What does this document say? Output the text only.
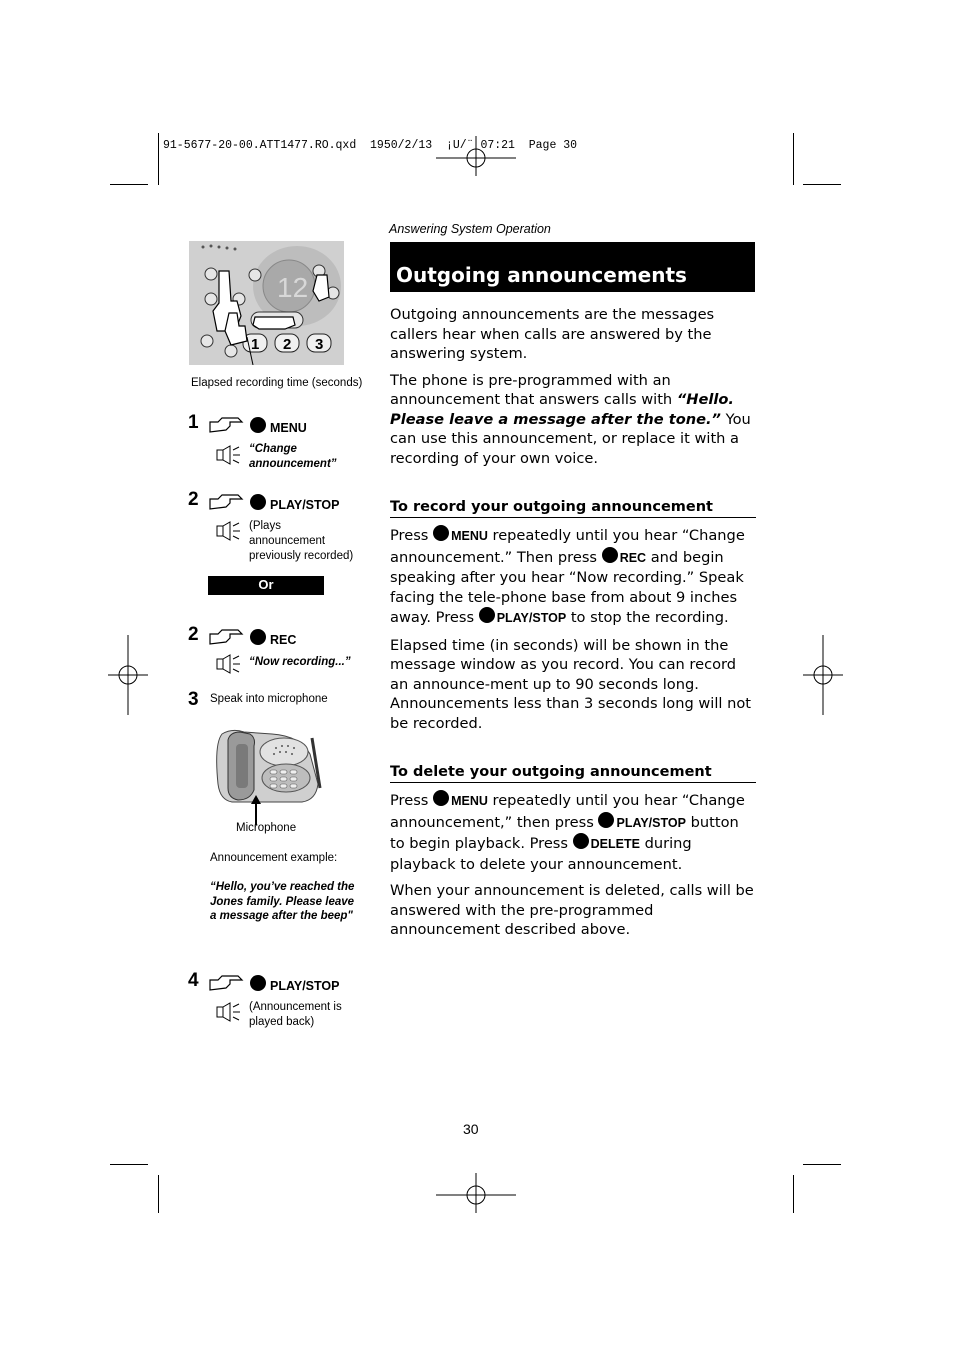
91-5677-20-00.ATT1477.RO.qxd  1950/2/13  ¡U/¨ 07:21  Page 30
Answering System Operation
Outgoing announcements

Outgoing announcements are the messages callers hear when calls are answered by the answering system.

The phone is pre-programmed with an announcement that answers calls with “Hello. Please leave a message after the tone.” You can use this announcement, or replace it with a recording of your own voice.

To record your outgoing announcement

Press MENU repeatedly until you hear “Change announcement.” Then press REC and begin speaking after you hear “Now recording.” Speak facing the tele-phone base from about 9 inches away. Press PLAY/STOP to stop the recording.

Elapsed time (in seconds) will be shown in the message window as you record. You can record an announce-ment up to 90 seconds long. Announcements less than 3 seconds long will not be recorded.

To delete your outgoing announcement

Press MENU repeatedly until you hear “Change announcement,” then press PLAY/STOP button to begin playback. Press DELETE during playback to delete your announcement.

When your announcement is deleted, calls will be answered with the pre-programmed announcement described above.

12
1 2 3
Elapsed recording time (seconds)
1	MENU
“Change announcement”
2	PLAY/STOP
(Plays announcement previously recorded)
Or
2	REC
“Now recording...”
3 Speak into microphone
Microphone
Announcement example:
“Hello, you’ve reached the Jones family. Please leave a message after the beep"
4	PLAY/STOP
(Announcement is played back)
30
